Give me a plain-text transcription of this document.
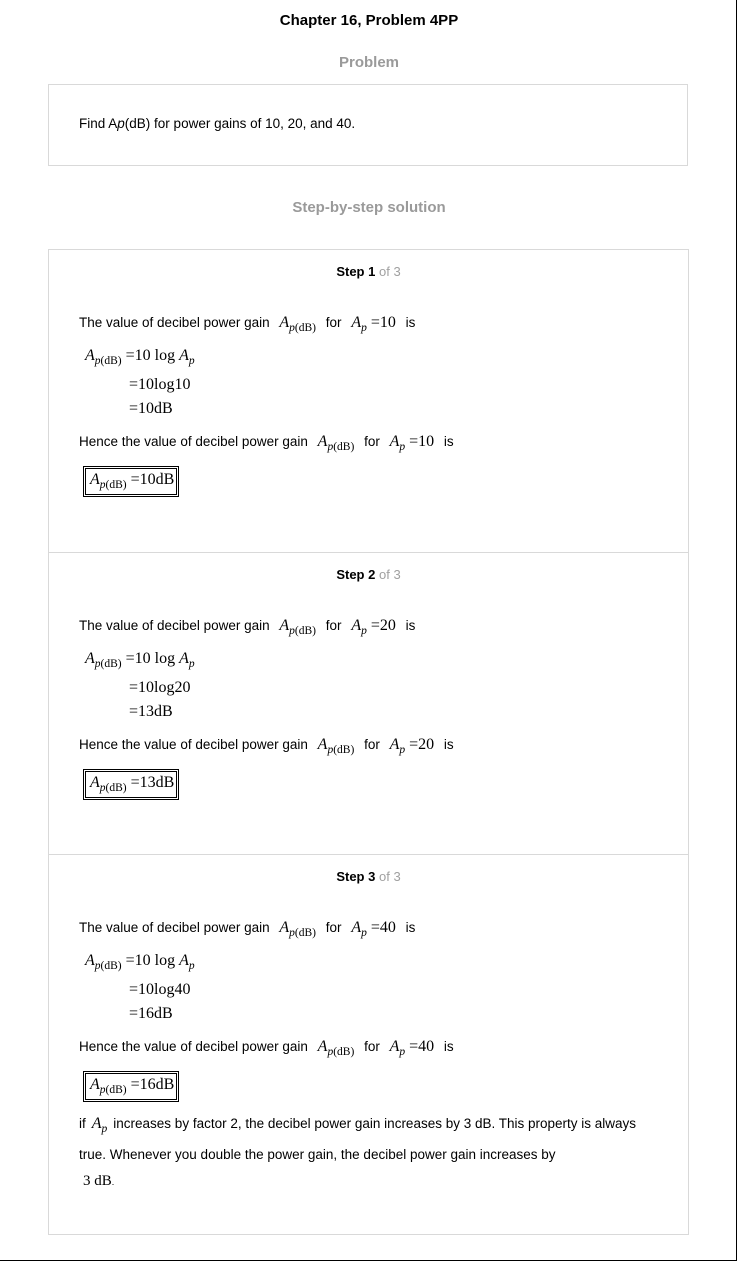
Chapter 16, Problem 4PP
Problem
Find Ap(dB) for power gains of 10, 20, and 40.
Step-by-step solution
Step 1 of 3
The value of decibel power gain $A_{p(dB)}$ for $A_p =10$ is
$A_{p(dB)} =10$ $\log A_p$
=10log10
=10dB
Hence the value of decibel power gain $A_{p(dB)}$ for $A_p =10$ is
$A_{p(dB)} =10dB$
Step 2 of 3
The value of decibel power gain $A_{p(dB)}$ for $A_p =20$ is
$A_{p(dB)} =10$ $\log A_p$
=10log20
=13dB
Hence the value of decibel power gain $A_{p(dB)}$ for $A_p =20$ is
$A_{p(dB)} =13dB$
Step 3 of 3
The value of decibel power gain $A_{p(dB)}$ for $A_p =40$ is
$A_{p(dB)} =10$ $\log A_p$
=10log40
=16dB
Hence the value of decibel power gain $A_{p(dB)}$ for $A_p =40$ is
$A_{p(dB)} =16dB$
if $A_p$ increases by factor 2, the decibel power gain increases by 3 dB. This property is always true. Whenever you double the power gain, the decibel power gain increases by
3 dB.
